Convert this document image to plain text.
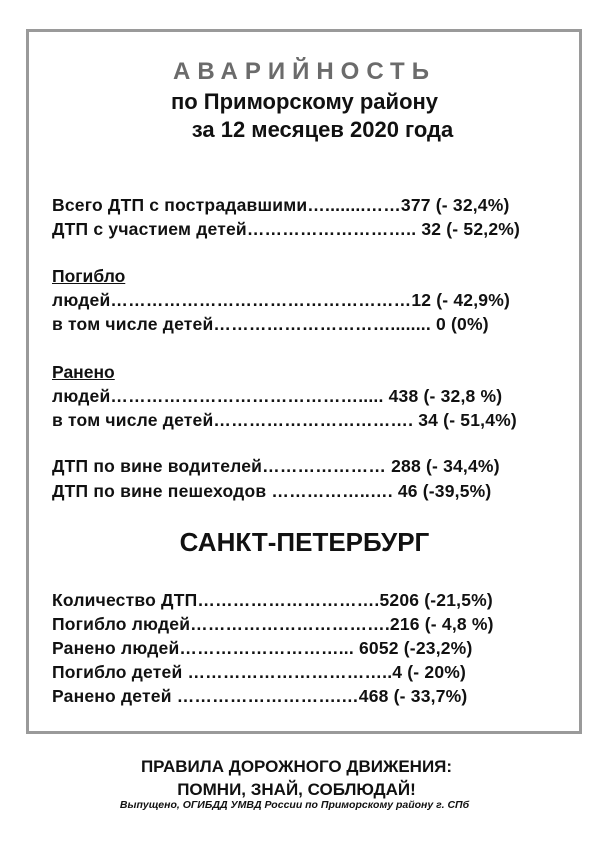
АВАРИЙНОСТЬ
по Приморскому району
за 12 месяцев 2020 года
Всего ДТП с пострадавшими…........……377 (- 32,4%)
ДТП с участием детей……………………….. 32 (- 52,2%)
Погибло
людей……………………………………………12 (- 42,9%)
в том числе детей…………………………........ 0 (0%)
Ранено
людей……………………………………..... 438 (- 32,8 %)
в том числе детей……………………………. 34 (- 51,4%)
ДТП по вине водителей………………… 288 (- 34,4%)
ДТП по вине пешеходов ……………..…. 46 (-39,5%)
САНКТ-ПЕТЕРБУРГ
Количество ДТП………………………….5206 (-21,5%)
Погибло людей…………………………….216 (- 4,8 %)
Ранено людей………………………... 6052 (-23,2%)
Погибло детей ……………………………..4 (- 20%)
Ранено детей ……………………….…468 (- 33,7%)
ПРАВИЛА ДОРОЖНОГО ДВИЖЕНИЯ:
ПОМНИ, ЗНАЙ, СОБЛЮДАЙ!
Выпущено, ОГИБДД УМВД России по Приморскому району г. СПб
